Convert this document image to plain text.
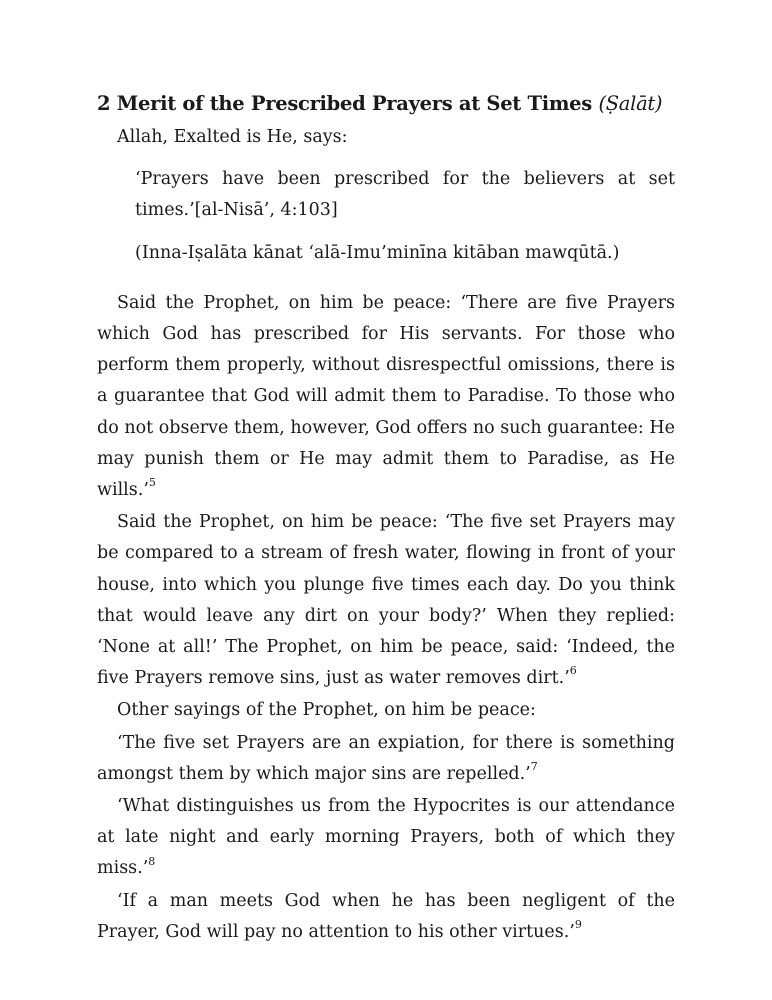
2 Merit of the Prescribed Prayers at Set Times (Ṣalāt)

Allah, Exalted is He, says:

‘Prayers have been prescribed for the believers at set times.’[al-Nisā’, 4:103]

(Inna-Iṣalāta kānat ‘alā-Imu’minīna kitāban mawqūtā.)

Said the Prophet, on him be peace: ‘There are five Prayers which God has prescribed for His servants. For those who perform them properly, without disrespectful omissions, there is a guarantee that God will admit them to Paradise. To those who do not observe them, however, God offers no such guarantee: He may punish them or He may admit them to Paradise, as He wills.’$^5$

Said the Prophet, on him be peace: ‘The five set Prayers may be compared to a stream of fresh water, flowing in front of your house, into which you plunge five times each day. Do you think that would leave any dirt on your body?’ When they replied: ‘None at all!’ The Prophet, on him be peace, said: ‘Indeed, the five Prayers remove sins, just as water removes dirt.’$^6$

Other sayings of the Prophet, on him be peace:

‘The five set Prayers are an expiation, for there is something amongst them by which major sins are repelled.’$^7$

‘What distinguishes us from the Hypocrites is our attendance at late night and early morning Prayers, both of which they miss.’$^8$

‘If a man meets God when he has been negligent of the Prayer, God will pay no attention to his other virtues.’$^9$
